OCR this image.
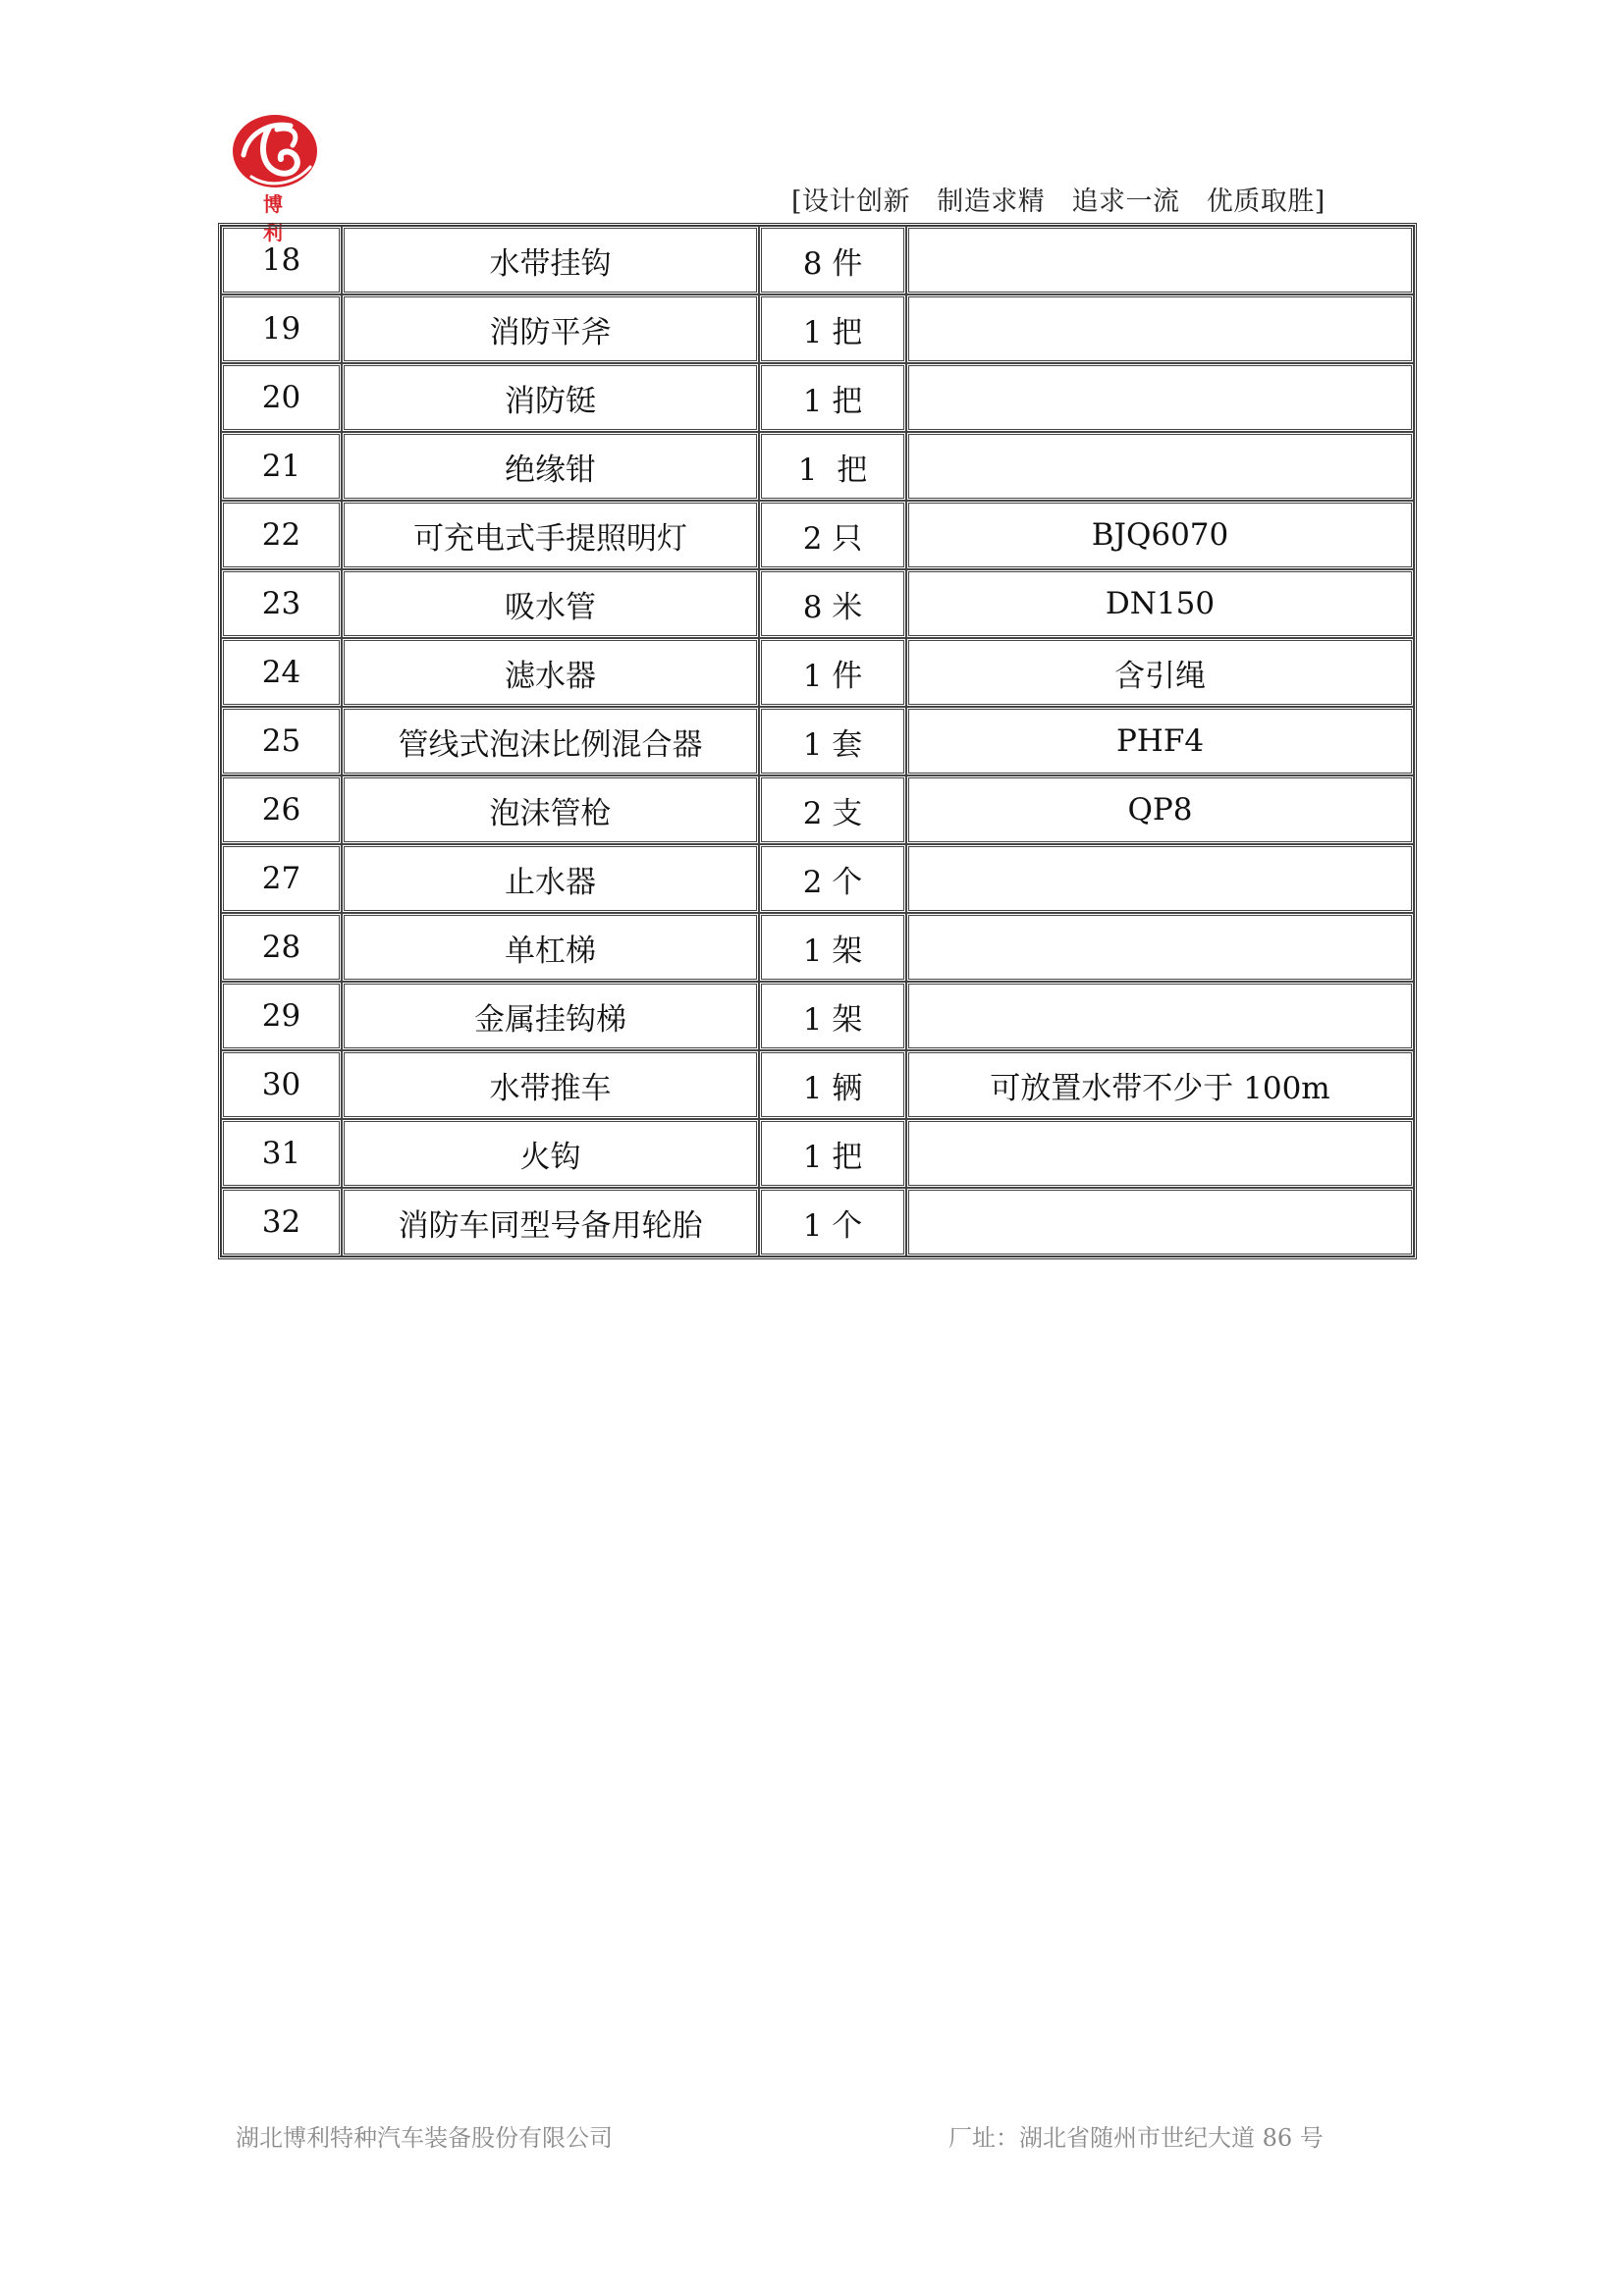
博 利
[设计创新   制造求精   追求一流   优质取胜]
18	水带挂钩	8 件	
19	消防平斧	1 把	
20	消防铤	1 把	
21	绝缘钳	1  把	
22	可充电式手提照明灯	2 只	BJQ6070
23	吸水管	8 米	DN150
24	滤水器	1 件	含引绳
25	管线式泡沫比例混合器	1 套	PHF4
26	泡沫管枪	2 支	QP8
27	止水器	2 个	
28	单杠梯	1 架	
29	金属挂钩梯	1 架	
30	水带推车	1 辆	可放置水带不少于 100m
31	火钩	1 把	
32	消防车同型号备用轮胎	1 个	
湖北博利特种汽车装备股份有限公司	厂址：湖北省随州市世纪大道 86 号
